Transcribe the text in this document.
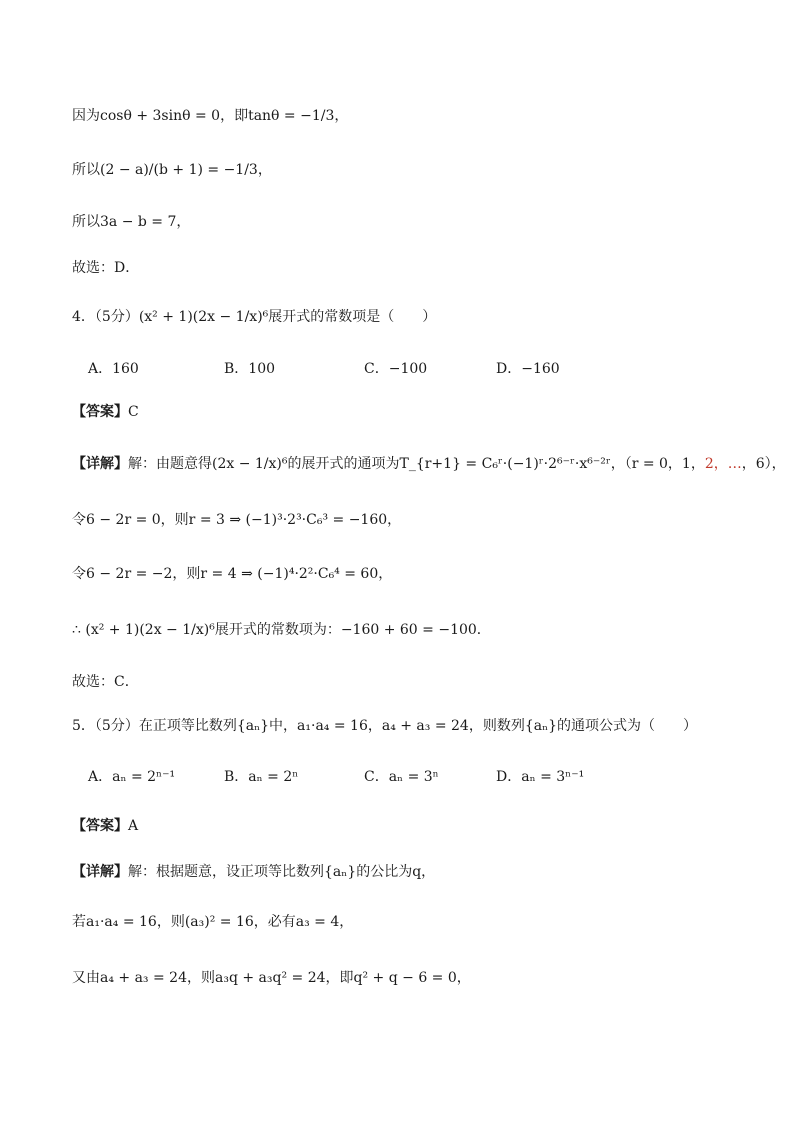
因为cosθ + 3sinθ = 0，即tanθ = −1/3，
所以(2 − a)/(b + 1) = −1/3，
所以3a − b = 7，
故选：D．
4．（5分）(x² + 1)(2x − 1/x)⁶展开式的常数项是（　　）
A．160	B．100	C．−100	D．−160
【答案】C
【详解】解：由题意得(2x − 1/x)⁶的展开式的通项为T_{r+1} = C₆ʳ·(−1)ʳ·2⁶⁻ʳ·x⁶⁻²ʳ，（r = 0，1，2，…，6），
令6 − 2r = 0，则r = 3 ⇒ (−1)³·2³·C₆³ = −160，
令6 − 2r = −2，则r = 4 ⇒ (−1)⁴·2²·C₆⁴ = 60，
∴ (x² + 1)(2x − 1/x)⁶展开式的常数项为：−160 + 60 = −100．
故选：C．
5．（5分）在正项等比数列{aₙ}中，a₁·a₄ = 16，a₄ + a₃ = 24，则数列{aₙ}的通项公式为（　　）
A．aₙ = 2ⁿ⁻¹	B．aₙ = 2ⁿ	C．aₙ = 3ⁿ	D．aₙ = 3ⁿ⁻¹
【答案】A
【详解】解：根据题意，设正项等比数列{aₙ}的公比为q，
若a₁·a₄ = 16，则(a₃)² = 16，必有a₃ = 4，
又由a₄ + a₃ = 24，则a₃q + a₃q² = 24，即q² + q − 6 = 0，
